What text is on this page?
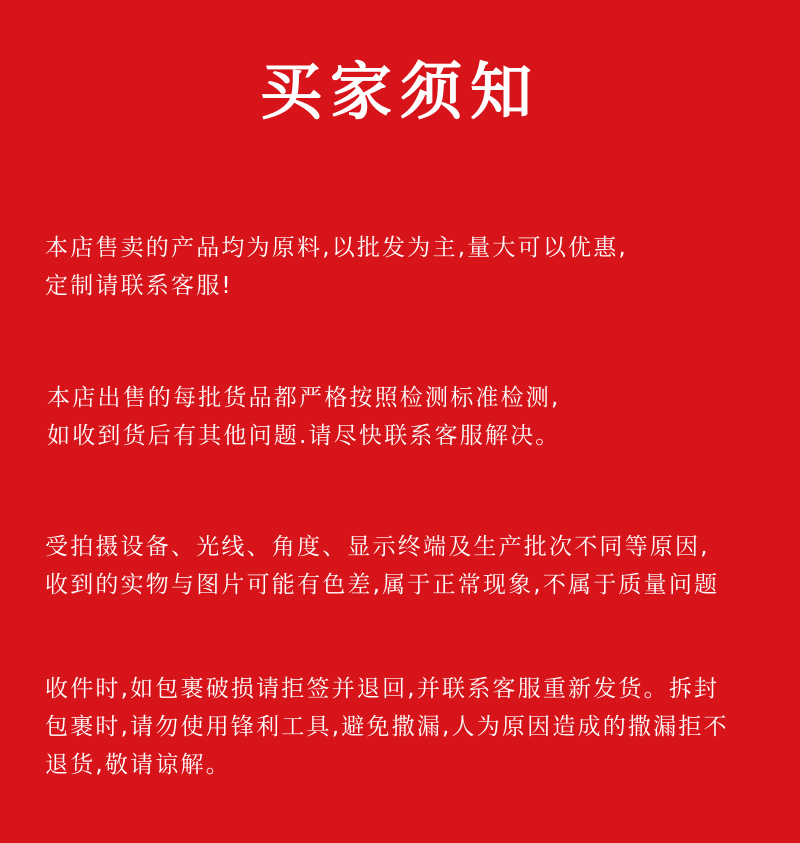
买家须知
本店售卖的产品均为原料,以批发为主,量大可以优惠,
定制请联系客服!
本店出售的每批货品都严格按照检测标准检测,
如收到货后有其他问题.请尽快联系客服解决。
受拍摄设备、光线、角度、显示终端及生产批次不同等原因,
收到的实物与图片可能有色差,属于正常现象,不属于质量问题
收件时,如包裹破损请拒签并退回,并联系客服重新发货。拆封
包裹时,请勿使用锋利工具,避免撒漏,人为原因造成的撒漏拒不
退货,敬请谅解。
